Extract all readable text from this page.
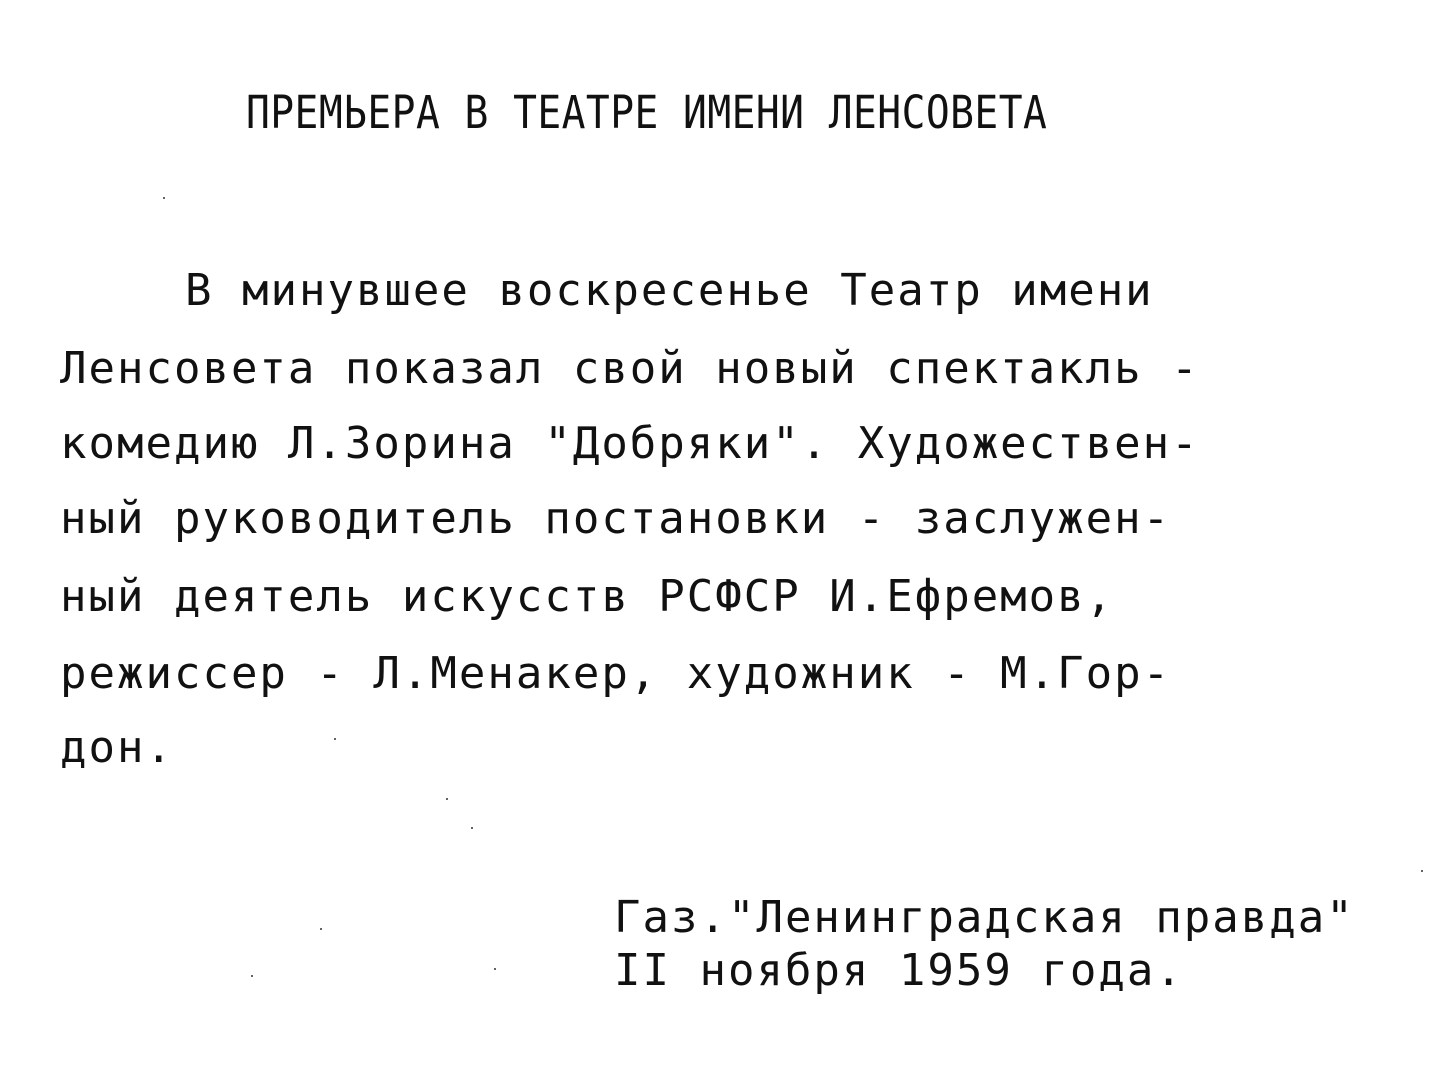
ПРЕМЬЕРА В ТЕАТРЕ ИМЕНИ ЛЕНСОВЕТА
В минувшее воскресенье Театр имени
Ленсовета показал свой новый спектакль -
комедию Л.Зорина "Добряки". Художествен-
ный руководитель постановки - заслужен-
ный деятель искусств РСФСР И.Ефремов,
режиссер - Л.Менакер, художник - М.Гор-
дон.
Газ."Ленинградская правда"
II ноября 1959 года.
